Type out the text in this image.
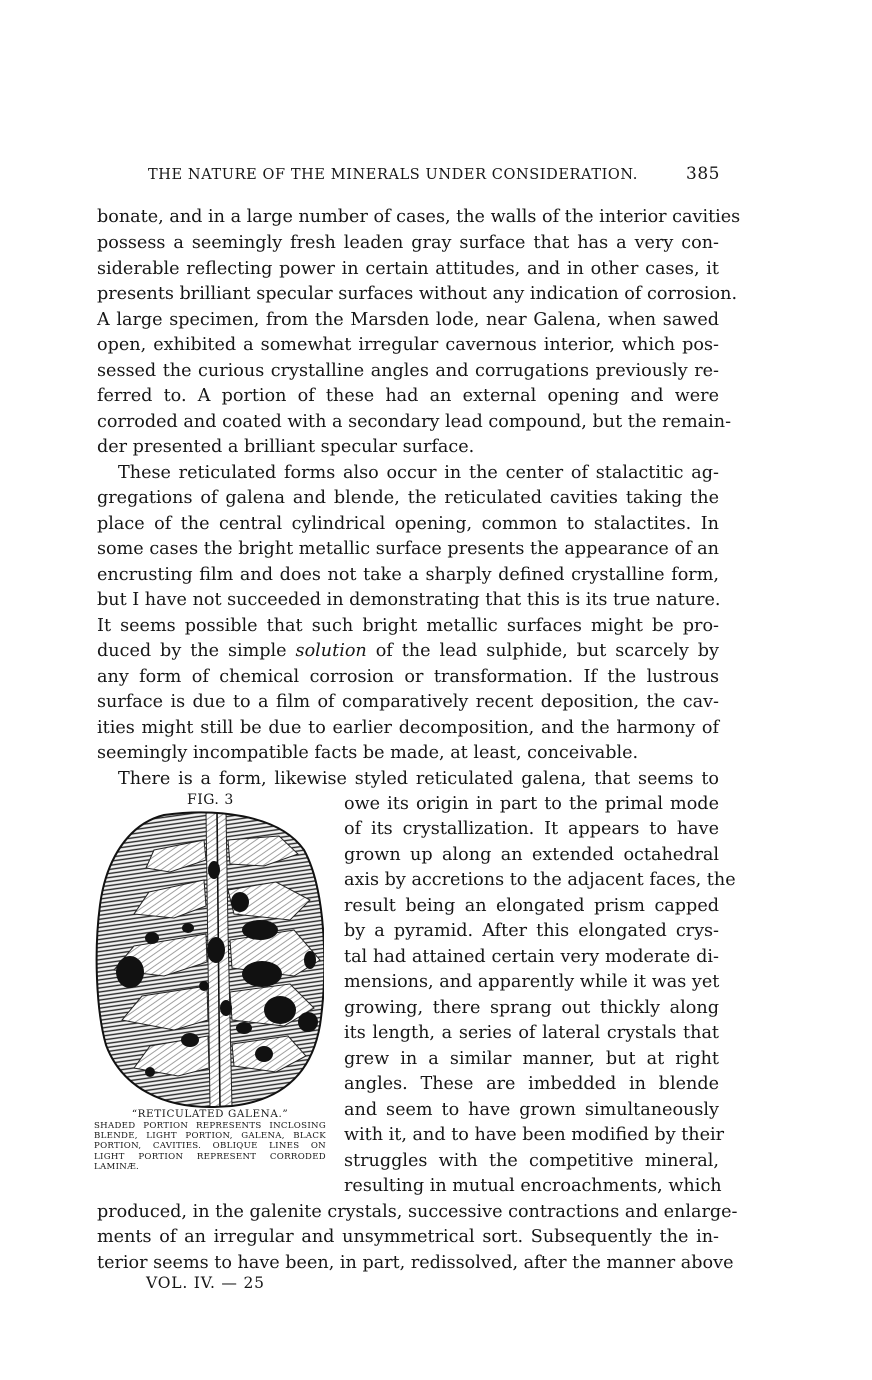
THE NATURE OF THE MINERALS UNDER CONSIDERATION.	385
bonate, and in a large number of cases, the walls of the interior cavities
possess a seemingly fresh leaden gray surface that has a very con-
siderable reflecting power in certain attitudes, and in other cases, it
presents brilliant specular surfaces without any indication of corrosion.
A large specimen, from the Marsden lode, near Galena, when sawed
open, exhibited a somewhat irregular cavernous interior, which pos-
sessed the curious crystalline angles and corrugations previously re-
ferred to. A portion of these had an external opening and were
corroded and coated with a secondary lead compound, but the remain-
der presented a brilliant specular surface.
These reticulated forms also occur in the center of stalactitic ag-
gregations of galena and blende, the reticulated cavities taking the
place of the central cylindrical opening, common to stalactites. In
some cases the bright metallic surface presents the appearance of an
encrusting film and does not take a sharply defined crystalline form,
but I have not succeeded in demonstrating that this is its true nature.
It seems possible that such bright metallic surfaces might be pro-
duced by the simple solution of the lead sulphide, but scarcely by
any form of chemical corrosion or transformation. If the lustrous
surface is due to a film of comparatively recent deposition, the cav-
ities might still be due to earlier decomposition, and the harmony of
seemingly incompatible facts be made, at least, conceivable.
There is a form, likewise styled reticulated galena, that seems to
owe its origin in part to the primal mode
of its crystallization. It appears to have
grown up along an extended octahedral
axis by accretions to the adjacent faces, the
result being an elongated prism capped
by a pyramid. After this elongated crys-
tal had attained certain very moderate di-
mensions, and apparently while it was yet
growing, there sprang out thickly along
its length, a series of lateral crystals that
grew in a similar manner, but at right
angles. These are imbedded in blende
and seem to have grown simultaneously
with it, and to have been modified by their
struggles with the competitive mineral,
resulting in mutual encroachments, which
produced, in the galenite crystals, successive contractions and enlarge-
ments of an irregular and unsymmetrical sort. Subsequently the in-
terior seems to have been, in part, redissolved, after the manner above
FIG. 3
“RETICULATED GALENA.”
SHADED PORTION REPRESENTS INCLOSING BLENDE, LIGHT PORTION, GALENA, BLACK PORTION, CAVITIES. OBLIQUE LINES ON LIGHT PORTION REPRESENT CORRODED LAMINÆ.
VOL. IV. — 25
